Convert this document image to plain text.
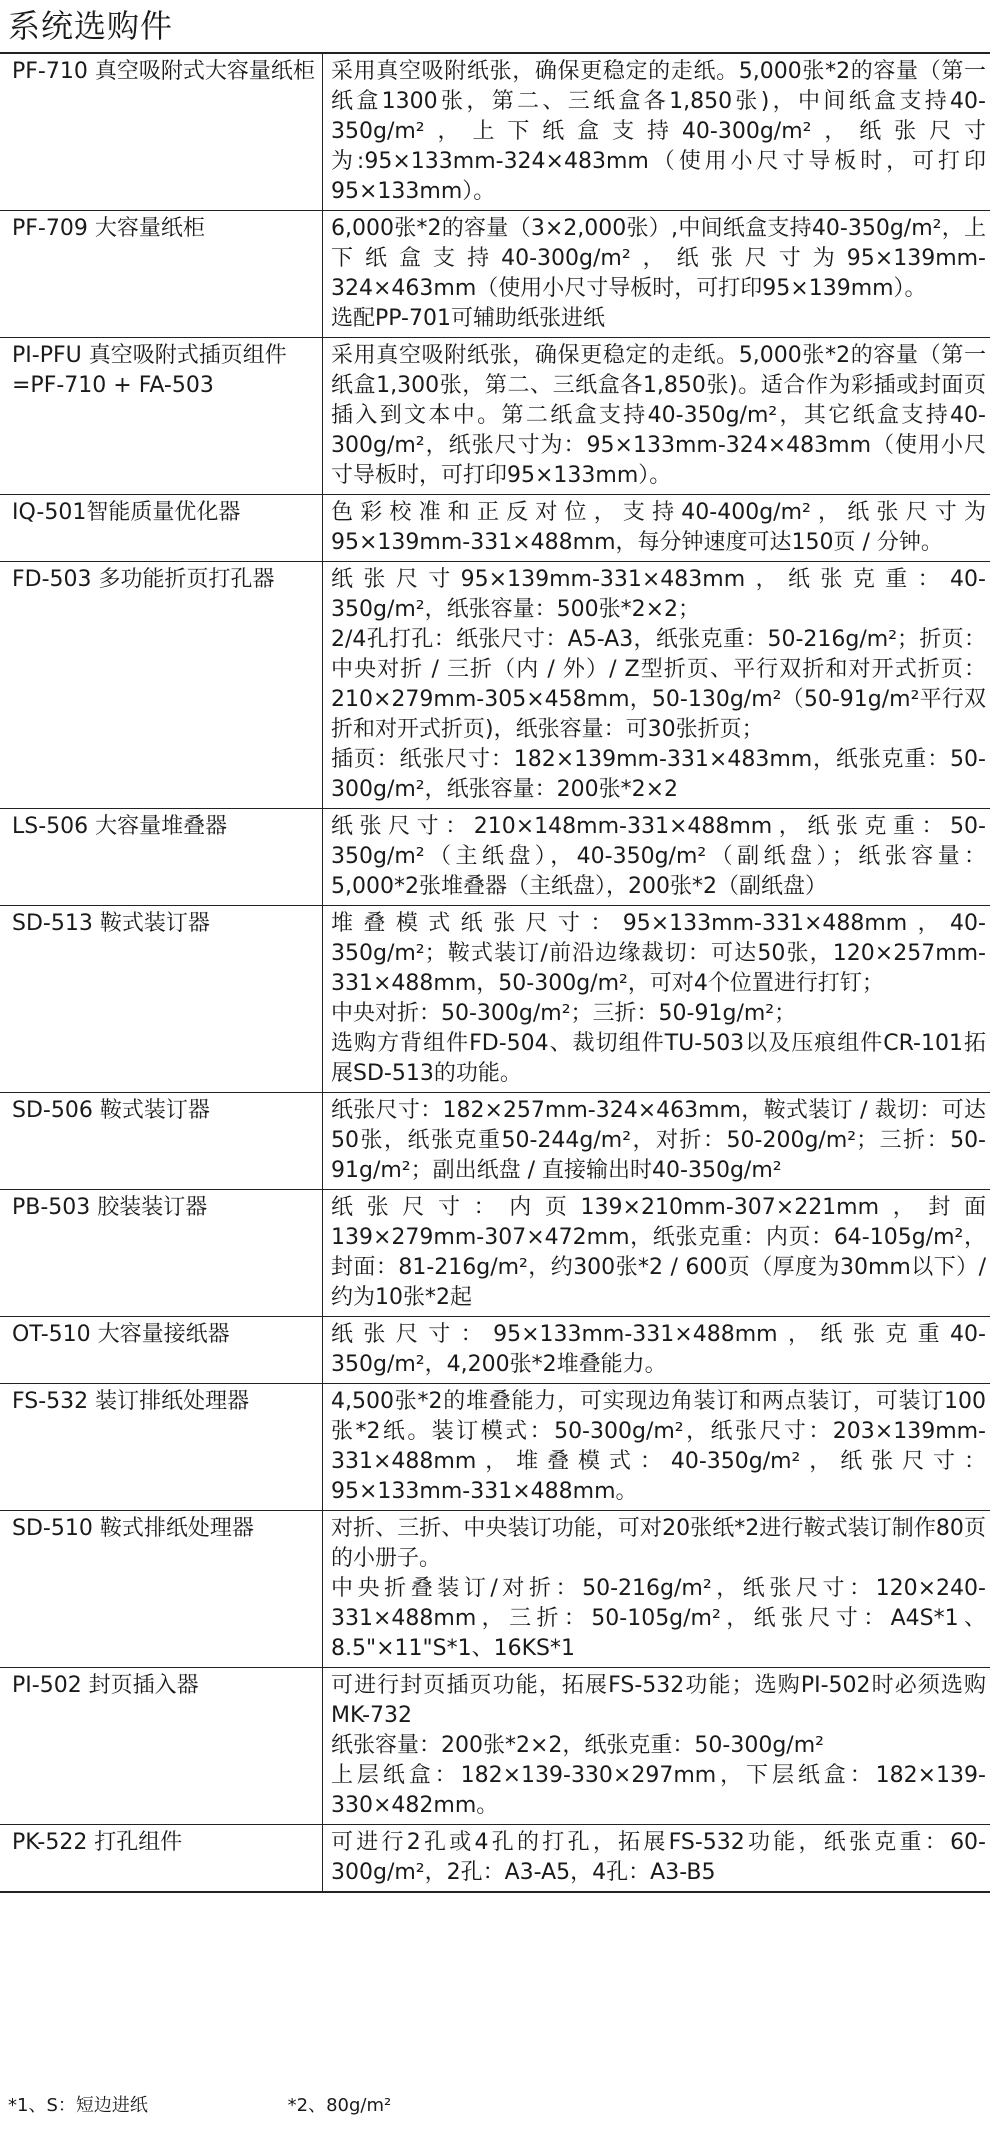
系统选购件
PF-710 真空吸附式大容量纸柜	采用真空吸附纸张，确保更稳定的走纸。5,000张*2的容量（第一纸盒1300张，第二、三纸盒各1,850张)，中间纸盒支持40-350g/m²，上下纸盒支持40-300g/m²，纸张尺寸为:95×133mm-324×483mm（使用小尺寸导板时，可打印95×133mm）。

PF-709 大容量纸柜	6,000张*2的容量（3×2,000张）,中间纸盒支持40-350g/m²，上下纸盒支持40-300g/m²，纸张尺寸为95×139mm-324×463mm（使用小尺寸导板时，可打印95×139mm）。
选配PP-701可辅助纸张进纸

PI-PFU 真空吸附式插页组件=PF-710 + FA-503	采用真空吸附纸张，确保更稳定的走纸。5,000张*2的容量（第一纸盒1,300张，第二、三纸盒各1,850张)。适合作为彩插或封面页插入到文本中。第二纸盒支持40-350g/m²，其它纸盒支持40-300g/m²，纸张尺寸为：95×133mm-324×483mm（使用小尺寸导板时，可打印95×133mm）。

IQ-501智能质量优化器	色彩校准和正反对位，支持40-400g/m²，纸张尺寸为95×139mm-331×488mm，每分钟速度可达150页 / 分钟。

FD-503 多功能折页打孔器	纸张尺寸95×139mm-331×483mm，纸张克重：40-350g/m²，纸张容量：500张*2×2；
2/4孔打孔：纸张尺寸：A5-A3，纸张克重：50-216g/m²；折页：中央对折 / 三折（内 / 外）/ Z型折页、平行双折和对开式折页：210×279mm-305×458mm，50-130g/m²（50-91g/m²平行双折和对开式折页)，纸张容量：可30张折页；
插页：纸张尺寸：182×139mm-331×483mm，纸张克重：50-300g/m²，纸张容量：200张*2×2

LS-506 大容量堆叠器	纸张尺寸：210×148mm-331×488mm，纸张克重：50-350g/m²（主纸盘），40-350g/m²（副纸盘）；纸张容量：5,000*2张堆叠器（主纸盘），200张*2（副纸盘）

SD-513 鞍式装订器	堆叠模式纸张尺寸：95×133mm-331×488mm，40-350g/m²；鞍式装订/前沿边缘裁切：可达50张，120×257mm-331×488mm，50-300g/m²，可对4个位置进行打钉；
中央对折：50-300g/m²；三折：50-91g/m²；
选购方背组件FD-504、裁切组件TU-503以及压痕组件CR-101拓展SD-513的功能。

SD-506 鞍式装订器	纸张尺寸：182×257mm-324×463mm，鞍式装订 / 裁切：可达50张，纸张克重50-244g/m²，对折：50-200g/m²；三折：50-91g/m²；副出纸盘 / 直接输出时40-350g/m²

PB-503 胶装装订器	纸张尺寸：内页139×210mm-307×221mm，封面139×279mm-307×472mm，纸张克重：内页：64-105g/m²，封面：81-216g/m²，约300张*2 / 600页（厚度为30mm以下）/ 约为10张*2起

OT-510 大容量接纸器	纸张尺寸：95×133mm-331×488mm，纸张克重40-350g/m²，4,200张*2堆叠能力。

FS-532 装订排纸处理器	4,500张*2的堆叠能力，可实现边角装订和两点装订，可装订100张*2纸。装订模式：50-300g/m²，纸张尺寸：203×139mm-331×488mm，堆叠模式：40-350g/m²，纸张尺寸：95×133mm-331×488mm。

SD-510 鞍式排纸处理器	对折、三折、中央装订功能，可对20张纸*2进行鞍式装订制作80页的小册子。
中央折叠装订/对折：50-216g/m²，纸张尺寸：120×240-331×488mm，三折：50-105g/m²，纸张尺寸：A4S*1、8.5"×11"S*1、16KS*1

PI-502 封页插入器	可进行封页插页功能，拓展FS-532功能；选购PI-502时必须选购MK-732
纸张容量：200张*2×2，纸张克重：50-300g/m²
上层纸盒：182×139-330×297mm，下层纸盒：182×139-330×482mm。

PK-522 打孔组件	可进行2孔或4孔的打孔，拓展FS-532功能，纸张克重：60-300g/m²，2孔：A3-A5，4孔：A3-B5
*1、S：短边进纸	*2、80g/m²
